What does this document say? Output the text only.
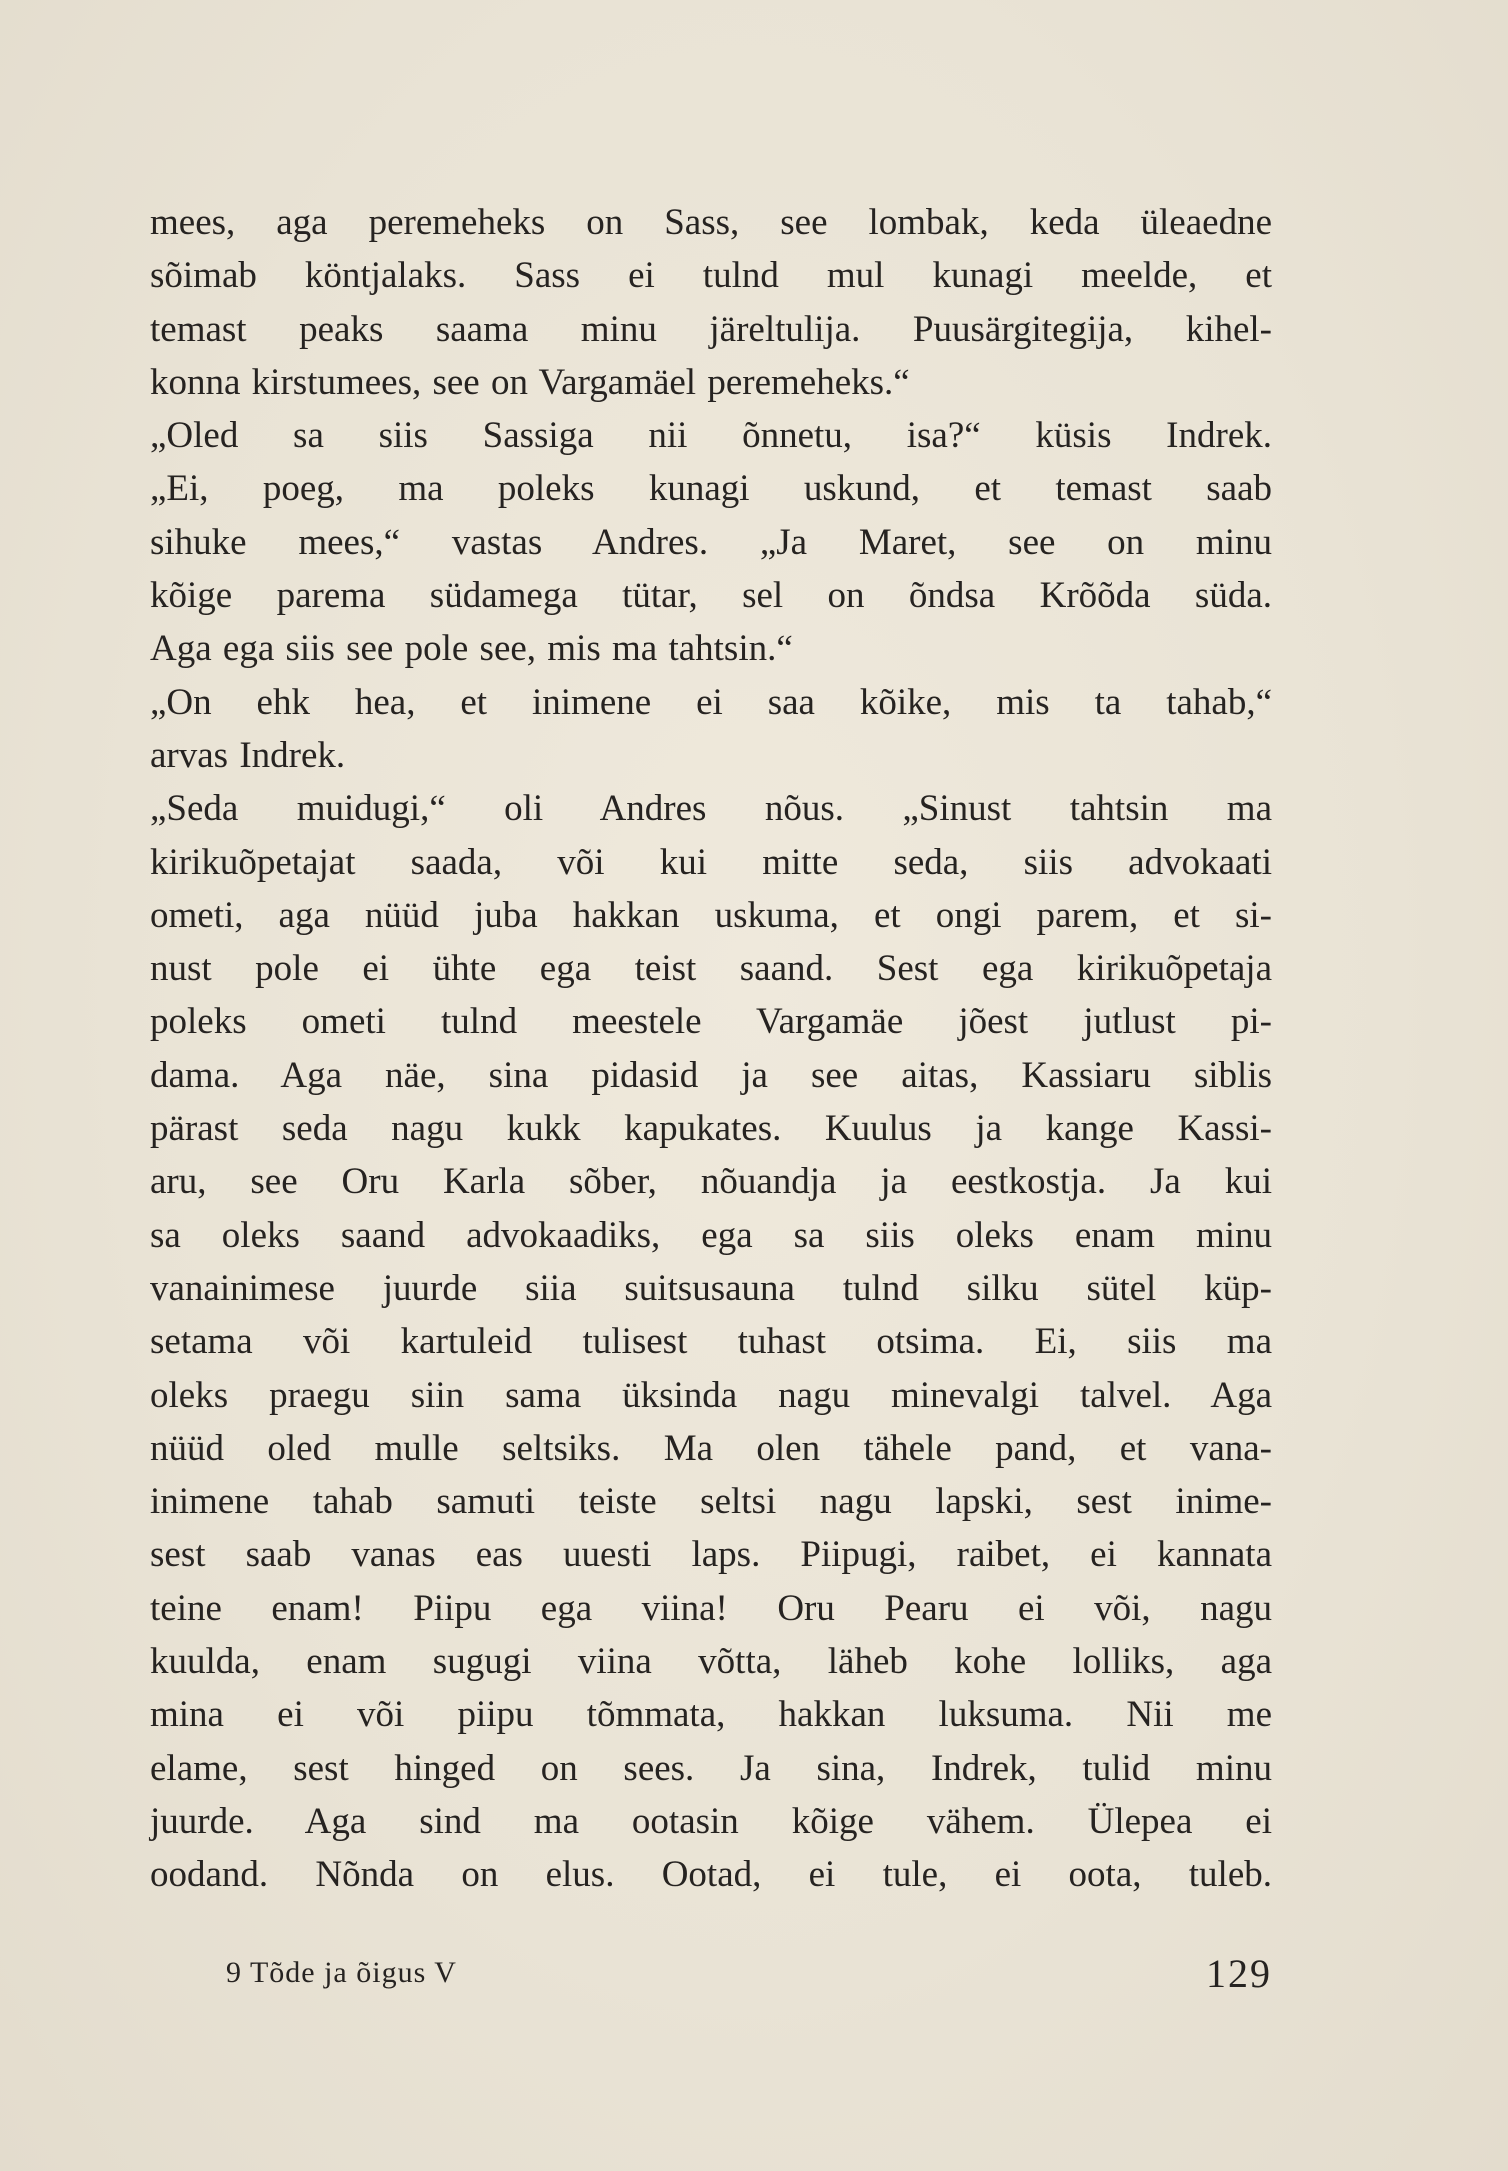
mees, aga peremeheks on Sass, see lombak, keda üleaedne
sõimab köntjalaks. Sass ei tulnd mul kunagi meelde, et
temast peaks saama minu järeltulija. Puusärgitegija, kihel-
konna kirstumees, see on Vargamäel peremeheks.“
„Oled sa siis Sassiga nii õnnetu, isa?“ küsis Indrek.
„Ei, poeg, ma poleks kunagi uskund, et temast saab
sihuke mees,“ vastas Andres. „Ja Maret, see on minu
kõige parema südamega tütar, sel on õndsa Krõõda süda.
Aga ega siis see pole see, mis ma tahtsin.“
„On ehk hea, et inimene ei saa kõike, mis ta tahab,“
arvas Indrek.
„Seda muidugi,“ oli Andres nõus. „Sinust tahtsin ma
kirikuõpetajat saada, või kui mitte seda, siis advokaati
ometi, aga nüüd juba hakkan uskuma, et ongi parem, et si-
nust pole ei ühte ega teist saand. Sest ega kirikuõpetaja
poleks ometi tulnd meestele Vargamäe jõest jutlust pi-
dama. Aga näe, sina pidasid ja see aitas, Kassiaru siblis
pärast seda nagu kukk kapukates. Kuulus ja kange Kassi-
aru, see Oru Karla sõber, nõuandja ja eestkostja. Ja kui
sa oleks saand advokaadiks, ega sa siis oleks enam minu
vanainimese juurde siia suitsusauna tulnd silku sütel küp-
setama või kartuleid tulisest tuhast otsima. Ei, siis ma
oleks praegu siin sama üksinda nagu minevalgi talvel. Aga
nüüd oled mulle seltsiks. Ma olen tähele pand, et vana-
inimene tahab samuti teiste seltsi nagu lapski, sest inime-
sest saab vanas eas uuesti laps. Piipugi, raibet, ei kannata
teine enam! Piipu ega viina! Oru Pearu ei või, nagu
kuulda, enam sugugi viina võtta, läheb kohe lolliks, aga
mina ei või piipu tõmmata, hakkan luksuma. Nii me
elame, sest hinged on sees. Ja sina, Indrek, tulid minu
juurde. Aga sind ma ootasin kõige vähem. Ülepea ei
oodand. Nõnda on elus. Ootad, ei tule, ei oota, tuleb.
9 Tõde ja õigus V	129
